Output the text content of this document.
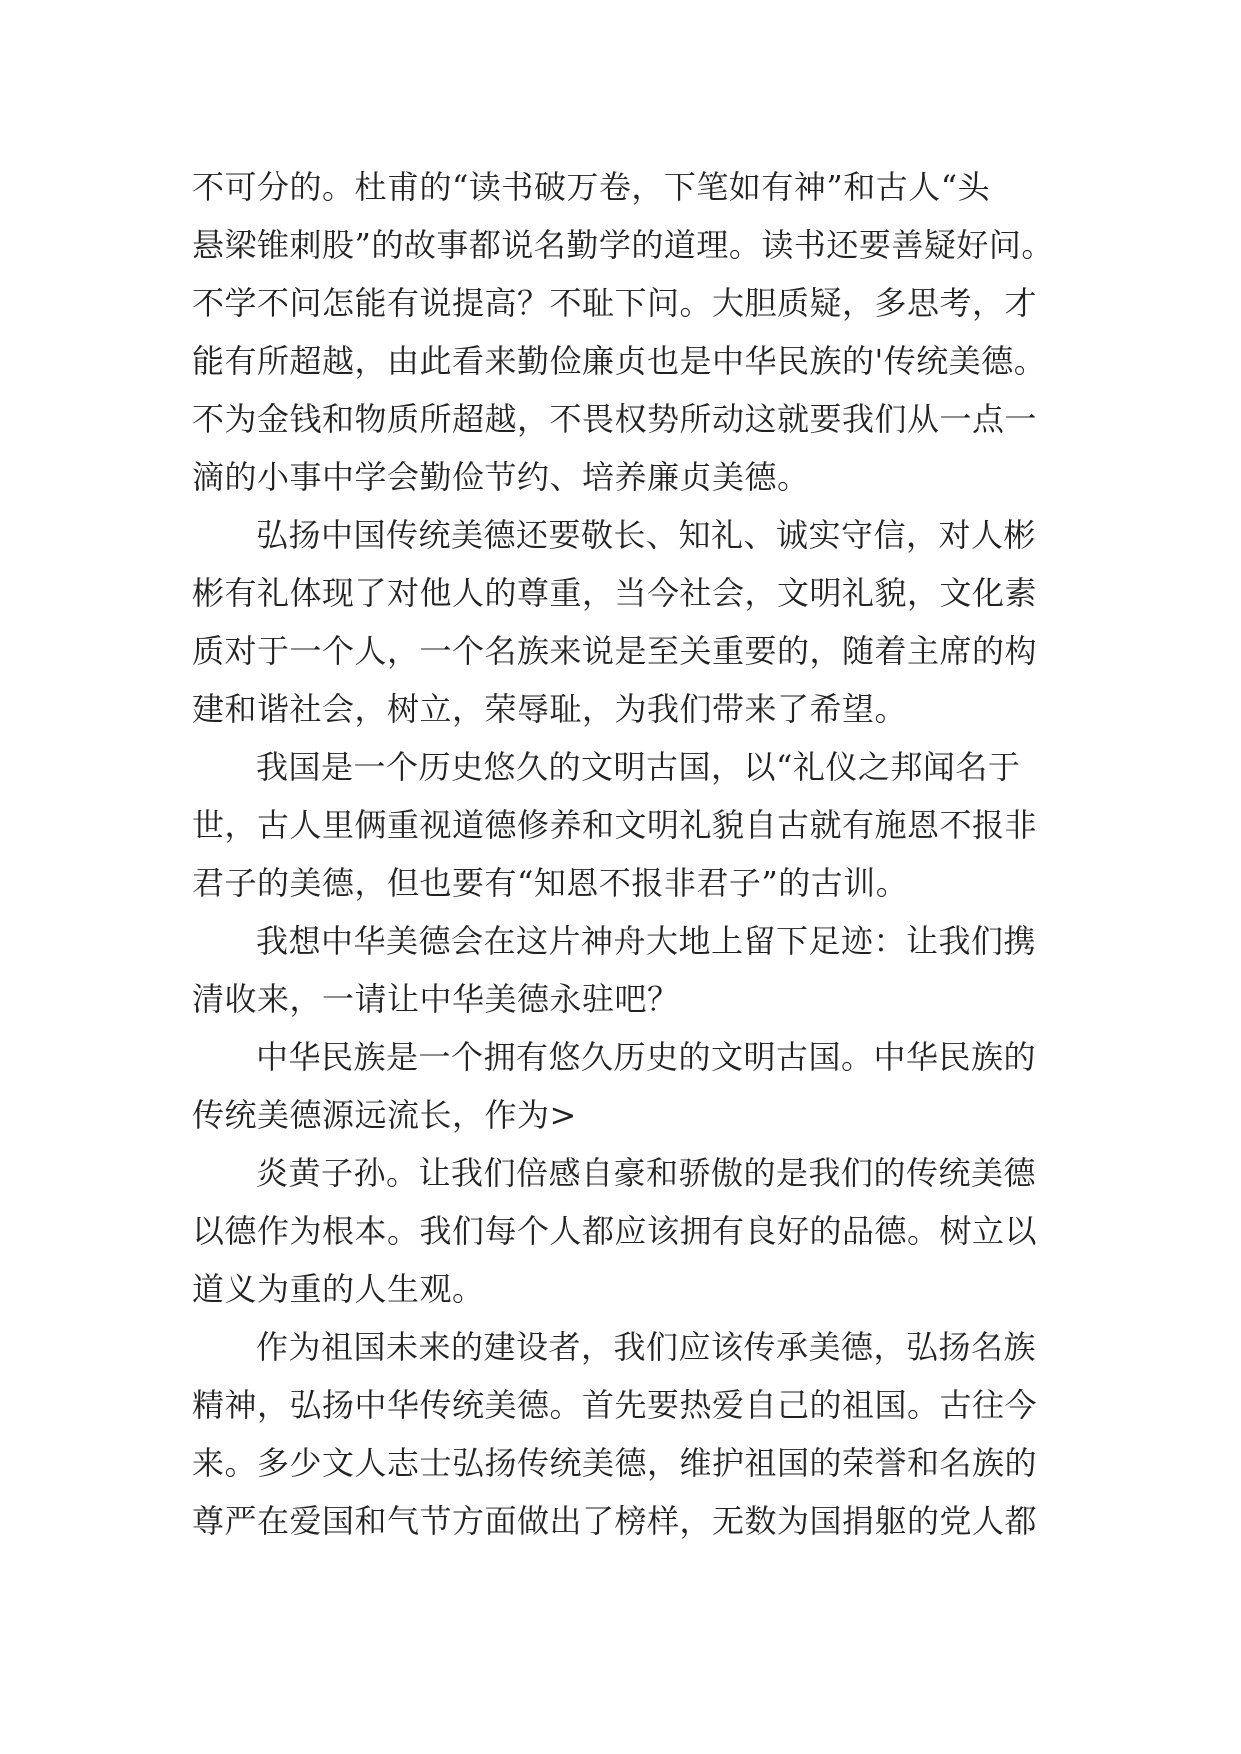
不可分的。杜甫的“读书破万卷，下笔如有神”和古人“头
悬梁锥刺股”的故事都说名勤学的道理。读书还要善疑好问。
不学不问怎能有说提高？不耻下问。大胆质疑，多思考，才
能有所超越，由此看来勤俭廉贞也是中华民族的'传统美德。
不为金钱和物质所超越，不畏权势所动这就要我们从一点一
滴的小事中学会勤俭节约、培养廉贞美德。
弘扬中国传统美德还要敬长、知礼、诚实守信，对人彬
彬有礼体现了对他人的尊重，当今社会，文明礼貌，文化素
质对于一个人，一个名族来说是至关重要的，随着主席的构
建和谐社会，树立，荣辱耻，为我们带来了希望。
我国是一个历史悠久的文明古国，以“礼仪之邦闻名于
世，古人里俩重视道德修养和文明礼貌自古就有施恩不报非
君子的美德，但也要有“知恩不报非君子”的古训。
我想中华美德会在这片神舟大地上留下足迹：让我们携
清收来，一请让中华美德永驻吧？
中华民族是一个拥有悠久历史的文明古国。中华民族的
传统美德源远流长，作为>
炎黄子孙。让我们倍感自豪和骄傲的是我们的传统美德
以德作为根本。我们每个人都应该拥有良好的品德。树立以
道义为重的人生观。
作为祖国未来的建设者，我们应该传承美德，弘扬名族
精神，弘扬中华传统美德。首先要热爱自己的祖国。古往今
来。多少文人志士弘扬传统美德，维护祖国的荣誉和名族的
尊严在爱国和气节方面做出了榜样，无数为国捐躯的党人都
